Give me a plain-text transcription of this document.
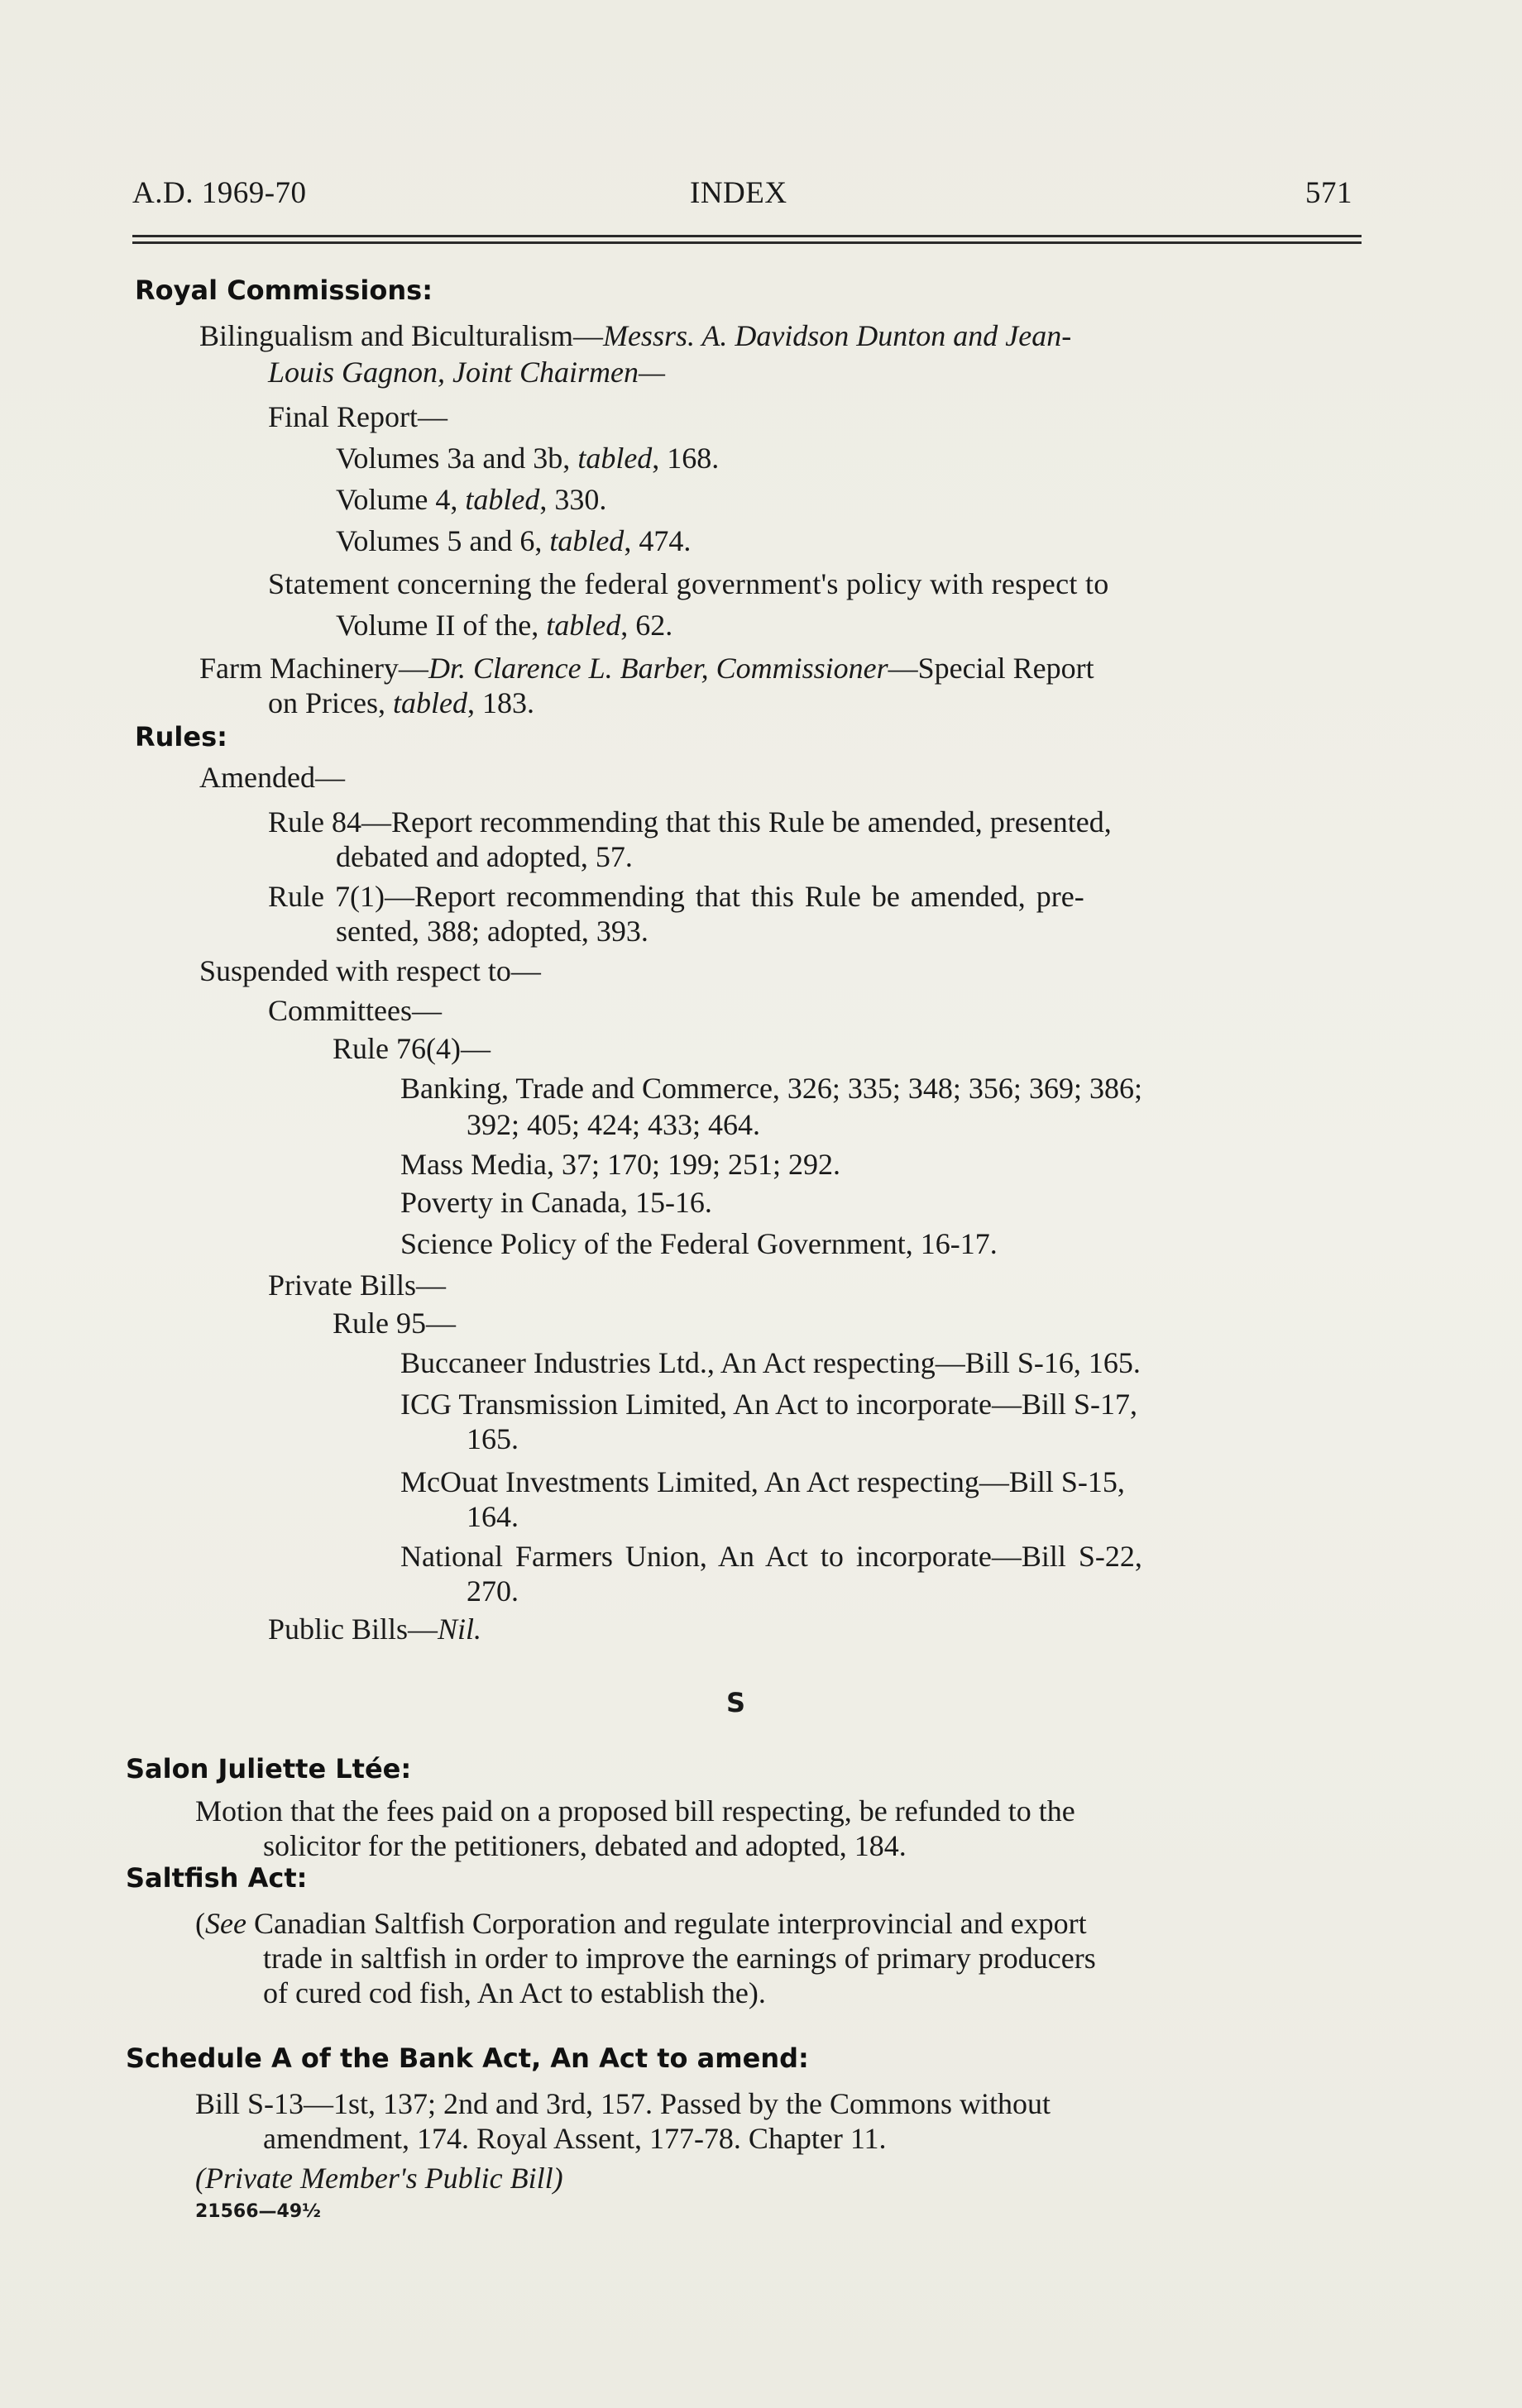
A.D. 1969-70	INDEX	571
Royal Commissions:
Bilingualism and Biculturalism—Messrs. A. Davidson Dunton and Jean-
Louis Gagnon, Joint Chairmen—
Final Report—
Volumes 3a and 3b, tabled, 168.
Volume 4, tabled, 330.
Volumes 5 and 6, tabled, 474.
Statement concerning the federal government's policy with respect to
Volume II of the, tabled, 62.
Farm Machinery—Dr. Clarence L. Barber, Commissioner—Special Report
on Prices, tabled, 183.
Rules:
Amended—
Rule 84—Report recommending that this Rule be amended, presented,
debated and adopted, 57.
Rule 7(1)—Report recommending that this Rule be amended, pre-
sented, 388; adopted, 393.
Suspended with respect to—
Committees—
Rule 76(4)—
Banking, Trade and Commerce, 326; 335; 348; 356; 369; 386;
392; 405; 424; 433; 464.
Mass Media, 37; 170; 199; 251; 292.
Poverty in Canada, 15-16.
Science Policy of the Federal Government, 16-17.
Private Bills—
Rule 95—
Buccaneer Industries Ltd., An Act respecting—Bill S-16, 165.
ICG Transmission Limited, An Act to incorporate—Bill S-17,
165.
McOuat Investments Limited, An Act respecting—Bill S-15,
164.
National Farmers Union, An Act to incorporate—Bill S-22,
270.
Public Bills—Nil.
S
Salon Juliette Ltée:
Motion that the fees paid on a proposed bill respecting, be refunded to the
solicitor for the petitioners, debated and adopted, 184.
Saltfish Act:
(See Canadian Saltfish Corporation and regulate interprovincial and export
trade in saltfish in order to improve the earnings of primary producers
of cured cod fish, An Act to establish the).
Schedule A of the Bank Act, An Act to amend:
Bill S-13—1st, 137; 2nd and 3rd, 157. Passed by the Commons without
amendment, 174. Royal Assent, 177-78. Chapter 11.
(Private Member's Public Bill)
21566—49½
